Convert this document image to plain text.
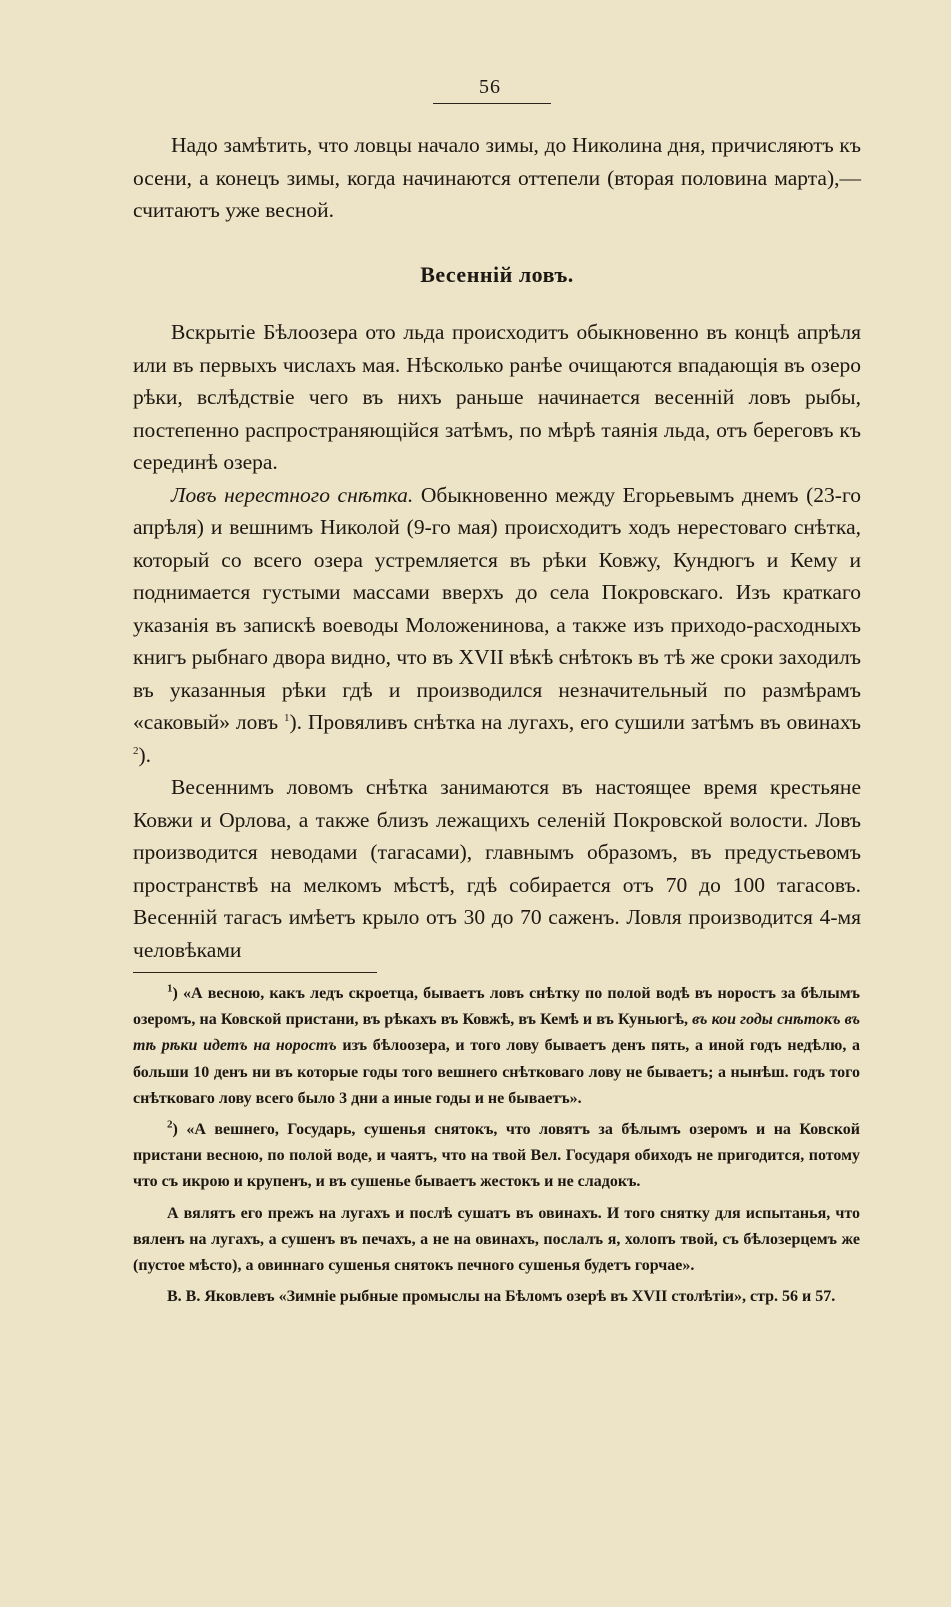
56

Надо замѣтить, что ловцы начало зимы, до Николина дня, причисляютъ къ осени, а конецъ зимы, когда начинаются оттепели (вторая половина марта),—считаютъ уже весной.

Весенній ловъ.

Вскрытіе Бѣлоозера ото льда происходитъ обыкновенно въ концѣ апрѣля или въ первыхъ числахъ мая. Нѣсколько ранѣе очищаются впадающія въ озеро рѣки, вслѣдствіе чего въ нихъ раньше начинается весенній ловъ рыбы, постепенно распространяющійся затѣмъ, по мѣрѣ таянія льда, отъ береговъ къ серединѣ озера.

Ловъ нерестного снѣтка. Обыкновенно между Егорьевымъ днемъ (23-го апрѣля) и вешнимъ Николой (9-го мая) происходитъ ходъ нерестоваго снѣтка, который со всего озера устремляется въ рѣки Ковжу, Кундюгъ и Кему и поднимается густыми массами вверхъ до села Покровскаго. Изъ краткаго указанія въ запискѣ воеводы Моложенинова, а также изъ приходо-расходныхъ книгъ рыбнаго двора видно, что въ XVII вѣкѣ снѣтокъ въ тѣ же сроки заходилъ въ указанныя рѣки гдѣ и производился незначительный по размѣрамъ «саковый» ловъ $^1$). Провяливъ снѣтка на лугахъ, его сушили затѣмъ въ овинахъ $^2$).

Весеннимъ ловомъ снѣтка занимаются въ настоящее время крестьяне Ковжи и Орлова, а также близъ лежащихъ селеній Покровской волости. Ловъ производится неводами (тагасами), главнымъ образомъ, въ предустьевомъ пространствѣ на мелкомъ мѣстѣ, гдѣ собирается отъ 70 до 100 тагасовъ. Весенній тагасъ имѣетъ крыло отъ 30 до 70 саженъ. Ловля производится 4-мя человѣками

$^1$) «А весною, какъ ледъ скроетца, бываетъ ловъ снѣтку по полой водѣ въ норостъ за бѣлымъ озеромъ, на Ковской пристани, въ рѣкахъ въ Ковжѣ, въ Кемѣ и въ Куньюгѣ, въ кои годы снѣтокъ въ тѣ рѣки идетъ на норостъ изъ бѣлоозера, и того лову бываетъ денъ пять, а иной годъ недѣлю, а больши 10 денъ ни въ которые годы того вешнего снѣтковаго лову не бываетъ; а нынѣш. годъ того снѣтковаго лову всего было 3 дни а иные годы и не бываетъ».

$^2$) «А вешнего, Государь, сушенья снятокъ, что ловятъ за бѣлымъ озеромъ и на Ковской пристани весною, по полой воде, и чаятъ, что на твой Вел. Государя обиходъ не пригодится, потому что съ икрою и крупенъ, и въ сушенье бываетъ жестокъ и не сладокъ.

А вялятъ его прежъ на лугахъ и послѣ сушатъ въ овинахъ. И того снятку для испытанья, что вяленъ на лугахъ, а сушенъ въ печахъ, а не на овинахъ, послалъ я, холопъ твой, съ бѣлозерцемъ же (пустое мѣсто), а овиннаго сушенья снятокъ печного сушенья будетъ горчае».

В. В. Яковлевъ «Зимніе рыбные промыслы на Бѣломъ озерѣ въ XVII столѣтіи», стр. 56 и 57.
